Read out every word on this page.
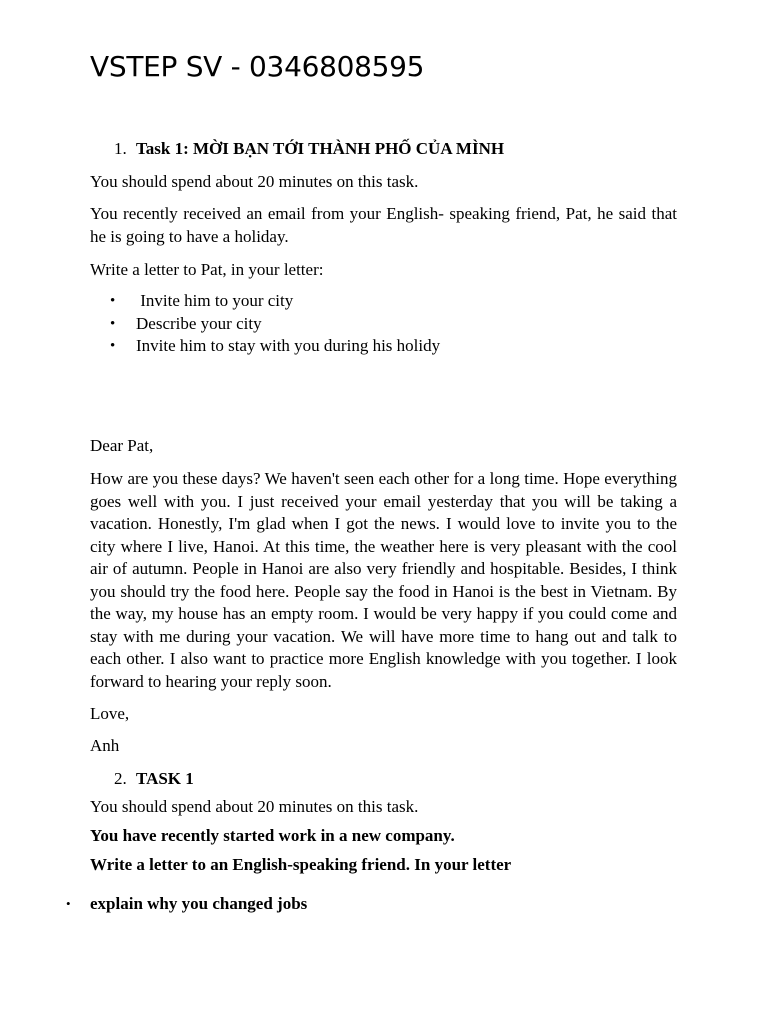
VSTEP SV - 0346808595
1. Task 1: MỜI BẠN TỚI THÀNH PHỐ CỦA MÌNH

You should spend about 20 minutes on this task.

You recently received an email from your English- speaking friend, Pat, he said that he is going to have a holiday.

Write a letter to Pat, in your letter:

• Invite him to your city
• Describe your city
• Invite him to stay with you during his holidy

Dear Pat,

How are you these days? We haven't seen each other for a long time. Hope everything goes well with you. I just received your email yesterday that you will be taking a vacation. Honestly, I'm glad when I got the news. I would love to invite you to the city where I live, Hanoi. At this time, the weather here is very pleasant with the cool air of autumn. People in Hanoi are also very friendly and hospitable. Besides, I think you should try the food here. People say the food in Hanoi is the best in Vietnam. By the way, my house has an empty room. I would be very happy if you could come and stay with me during your vacation. We will have more time to hang out and talk to each other. I also want to practice more English knowledge with you together. I look forward to hearing your reply soon.

Love,

Anh

2. TASK 1

You should spend about 20 minutes on this task.

You have recently started work in a new company.

Write a letter to an English-speaking friend. In your letter

• explain why you changed jobs
